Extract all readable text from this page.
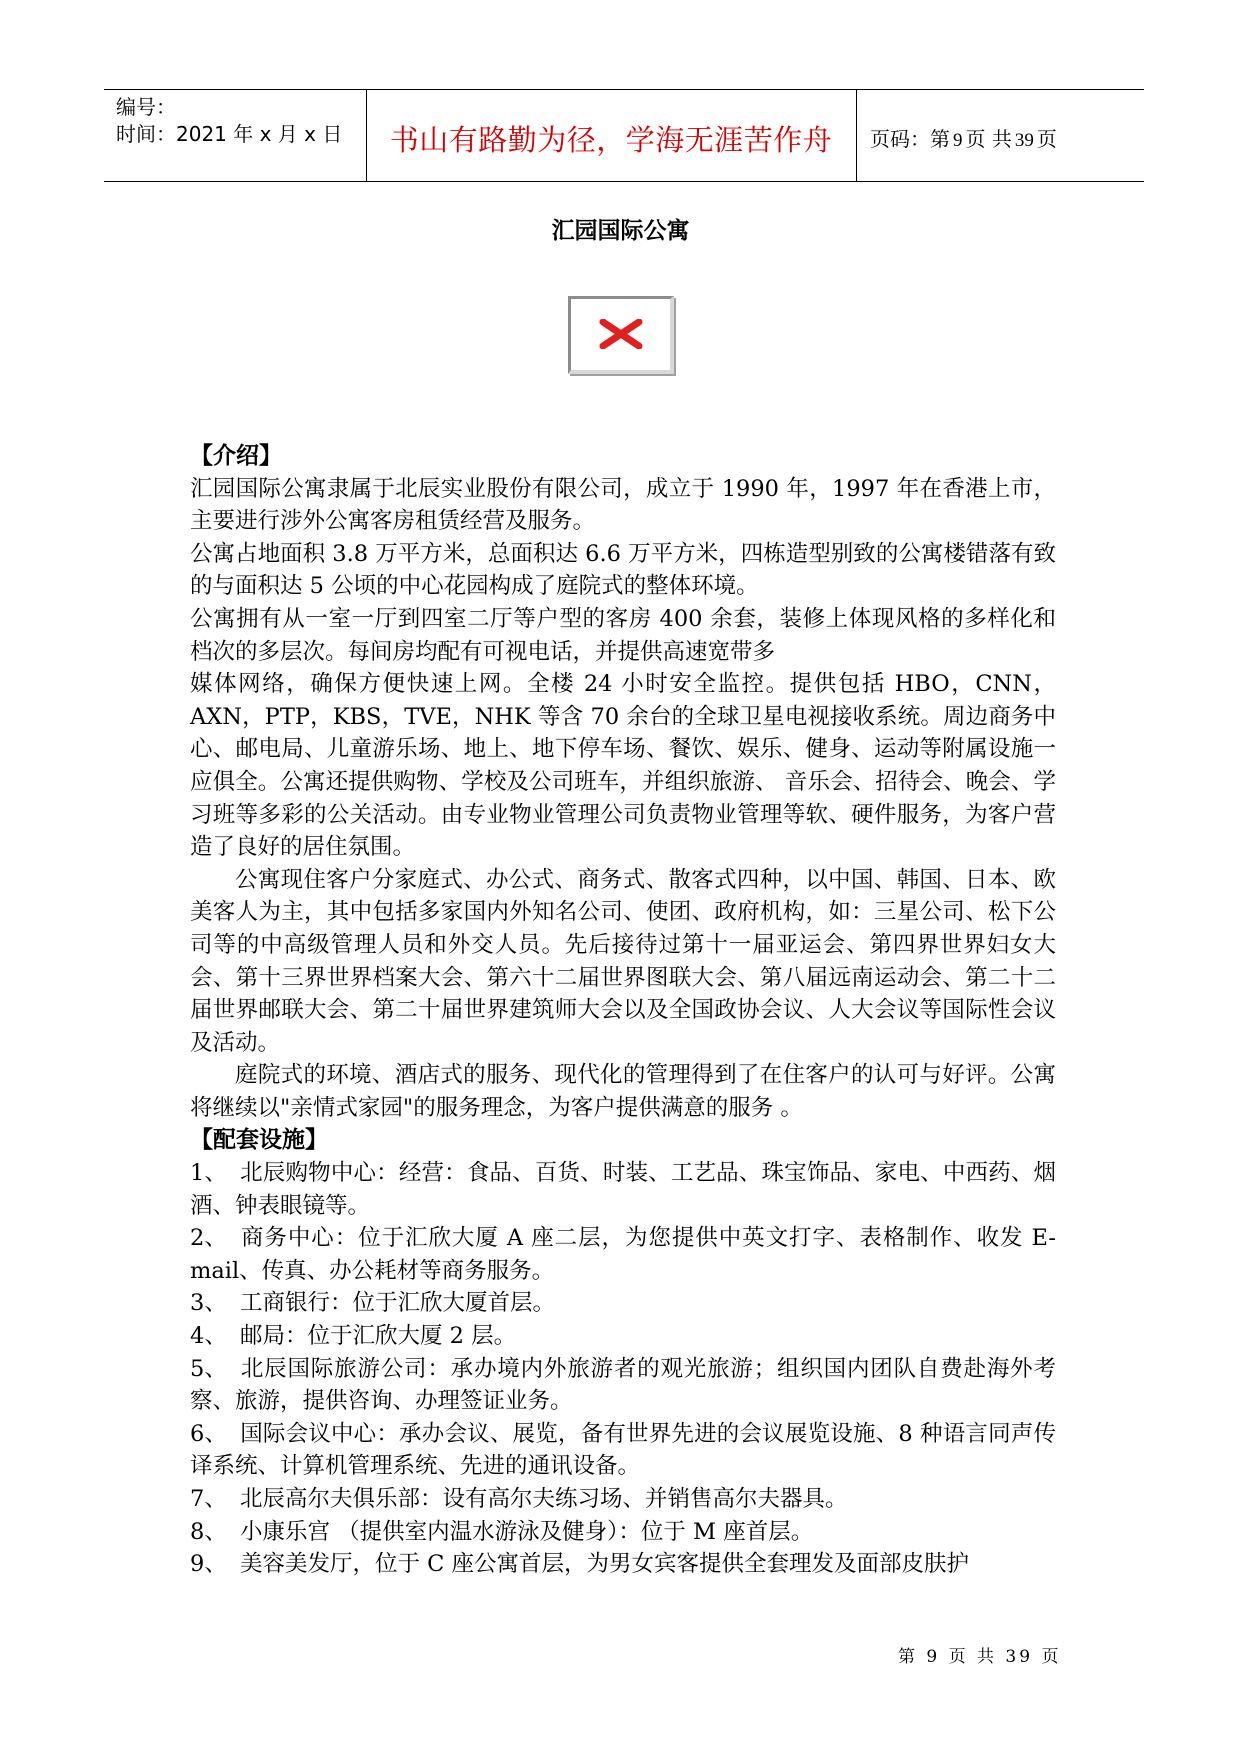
编号：
时间：2021 年 x 月 x 日	书山有路勤为径，学海无涯苦作舟	页码：第 9 页 共 39 页
汇园国际公寓

【介绍】

汇园国际公寓隶属于北辰实业股份有限公司，成立于 1990 年，1997 年在香港上市，主要进行涉外公寓客房租赁经营及服务。

公寓占地面积 3.8 万平方米，总面积达 6.6 万平方米，四栋造型别致的公寓楼错落有致的与面积达 5 公顷的中心花园构成了庭院式的整体环境。

公寓拥有从一室一厅到四室二厅等户型的客房 400 余套，装修上体现风格的多样化和档次的多层次。每间房均配有可视电话，并提供高速宽带多

媒体网络，确保方便快速上网。全楼 24 小时安全监控。提供包括 HBO，CNN，AXN，PTP，KBS，TVE，NHK 等含 70 余台的全球卫星电视接收系统。周边商务中心、邮电局、儿童游乐场、地上、地下停车场、餐饮、娱乐、健身、运动等附属设施一应俱全。公寓还提供购物、学校及公司班车，并组织旅游、 音乐会、招待会、晚会、学习班等多彩的公关活动。由专业物业管理公司负责物业管理等软、硬件服务，为客户营造了良好的居住氛围。

公寓现住客户分家庭式、办公式、商务式、散客式四种，以中国、韩国、日本、欧美客人为主，其中包括多家国内外知名公司、使团、政府机构，如：三星公司、松下公司等的中高级管理人员和外交人员。先后接待过第十一届亚运会、第四界世界妇女大会、第十三界世界档案大会、第六十二届世界图联大会、第八届远南运动会、第二十二届世界邮联大会、第二十届世界建筑师大会以及全国政协会议、人大会议等国际性会议及活动。

庭院式的环境、酒店式的服务、现代化的管理得到了在住客户的认可与好评。公寓将继续以"亲情式家园"的服务理念，为客户提供满意的服务 。

【配套设施】

1、 北辰购物中心：经营：食品、百货、时装、工艺品、珠宝饰品、家电、中西药、烟酒、钟表眼镜等。

2、 商务中心：位于汇欣大厦 A 座二层，为您提供中英文打字、表格制作、收发 E-mail、传真、办公耗材等商务服务。

3、 工商银行：位于汇欣大厦首层。

4、 邮局：位于汇欣大厦 2 层。

5、 北辰国际旅游公司：承办境内外旅游者的观光旅游；组织国内团队自费赴海外考察、旅游，提供咨询、办理签证业务。

6、 国际会议中心：承办会议、展览，备有世界先进的会议展览设施、8 种语言同声传译系统、计算机管理系统、先进的通讯设备。

7、 北辰高尔夫俱乐部：设有高尔夫练习场、并销售高尔夫器具。

8、 小康乐宫 （提供室内温水游泳及健身）：位于 M 座首层。

9、 美容美发厅，位于 C 座公寓首层，为男女宾客提供全套理发及面部皮肤护

第 9 页 共 39 页
